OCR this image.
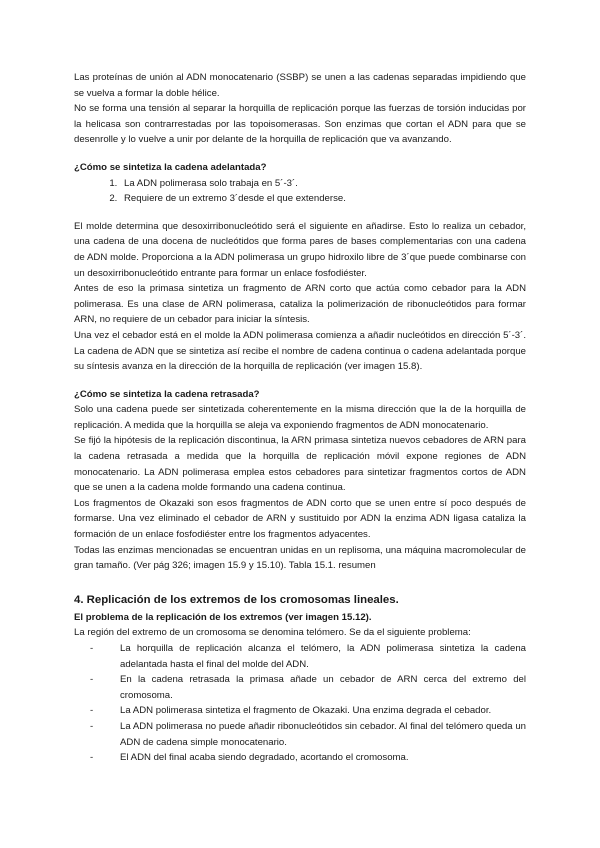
Las proteínas de unión al ADN monocatenario (SSBP) se unen a las cadenas separadas impidiendo que se vuelva a formar la doble hélice.

No se forma una tensión al separar la horquilla de replicación porque las fuerzas de torsión inducidas por la helicasa son contrarrestadas por las topoisomerasas. Son enzimas que cortan el ADN para que se desenrolle y lo vuelve a unir por delante de la horquilla de replicación que va avanzando.

¿Cómo se sintetiza la cadena adelantada?

1. La ADN polimerasa solo trabaja en 5´-3´.
2. Requiere de un extremo 3´desde el que extenderse.

El molde determina que desoxirribonucleótido será el siguiente en añadirse. Esto lo realiza un cebador, una cadena de una docena de nucleótidos que forma pares de bases complementarias con una cadena de ADN molde. Proporciona a la ADN polimerasa un grupo hidroxilo libre de 3´que puede combinarse con un desoxirribonucleótido entrante para formar un enlace fosfodiéster.

Antes de eso la primasa sintetiza un fragmento de ARN corto que actúa como cebador para la ADN polimerasa. Es una clase de ARN polimerasa, cataliza la polimerización de ribonucleótidos para formar ARN, no requiere de un cebador para iniciar la síntesis.

Una vez el cebador está en el molde la ADN polimerasa comienza a añadir nucleótidos en dirección 5´-3´. La cadena de ADN que se sintetiza así recibe el nombre de cadena continua o cadena adelantada porque su síntesis avanza en la dirección de la horquilla de replicación (ver imagen 15.8).

¿Cómo se sintetiza la cadena retrasada?

Solo una cadena puede ser sintetizada coherentemente en la misma dirección que la de la horquilla de replicación. A medida que la horquilla se aleja va exponiendo fragmentos de ADN monocatenario.

Se fijó la hipótesis de la replicación discontinua, la ARN primasa sintetiza nuevos cebadores de ARN para la cadena retrasada a medida que la horquilla de replicación móvil expone regiones de ADN monocatenario. La ADN polimerasa emplea estos cebadores para sintetizar fragmentos cortos de ADN que se unen a la cadena molde formando una cadena continua.

Los fragmentos de Okazaki son esos fragmentos de ADN corto que se unen entre sí poco después de formarse. Una vez eliminado el cebador de ARN y sustituido por ADN la enzima ADN ligasa cataliza la formación de un enlace fosfodiéster entre los fragmentos adyacentes.

Todas las enzimas mencionadas se encuentran unidas en un replisoma, una máquina macromolecular de gran tamaño. (Ver pág 326; imagen 15.9 y 15.10). Tabla 15.1. resumen

4. Replicación de los extremos de los cromosomas lineales.

El problema de la replicación de los extremos (ver imagen 15.12).

La región del extremo de un cromosoma se denomina telómero. Se da el siguiente problema:

-	La horquilla de replicación alcanza el telómero, la ADN polimerasa sintetiza la cadena adelantada hasta el final del molde del ADN.
-	En la cadena retrasada la primasa añade un cebador de ARN cerca del extremo del cromosoma.
-	La ADN polimerasa sintetiza el fragmento de Okazaki. Una enzima degrada el cebador.
-	La ADN polimerasa no puede añadir ribonucleótidos sin cebador. Al final del telómero queda un ADN de cadena simple monocatenario.
-	El ADN del final acaba siendo degradado, acortando el cromosoma.
